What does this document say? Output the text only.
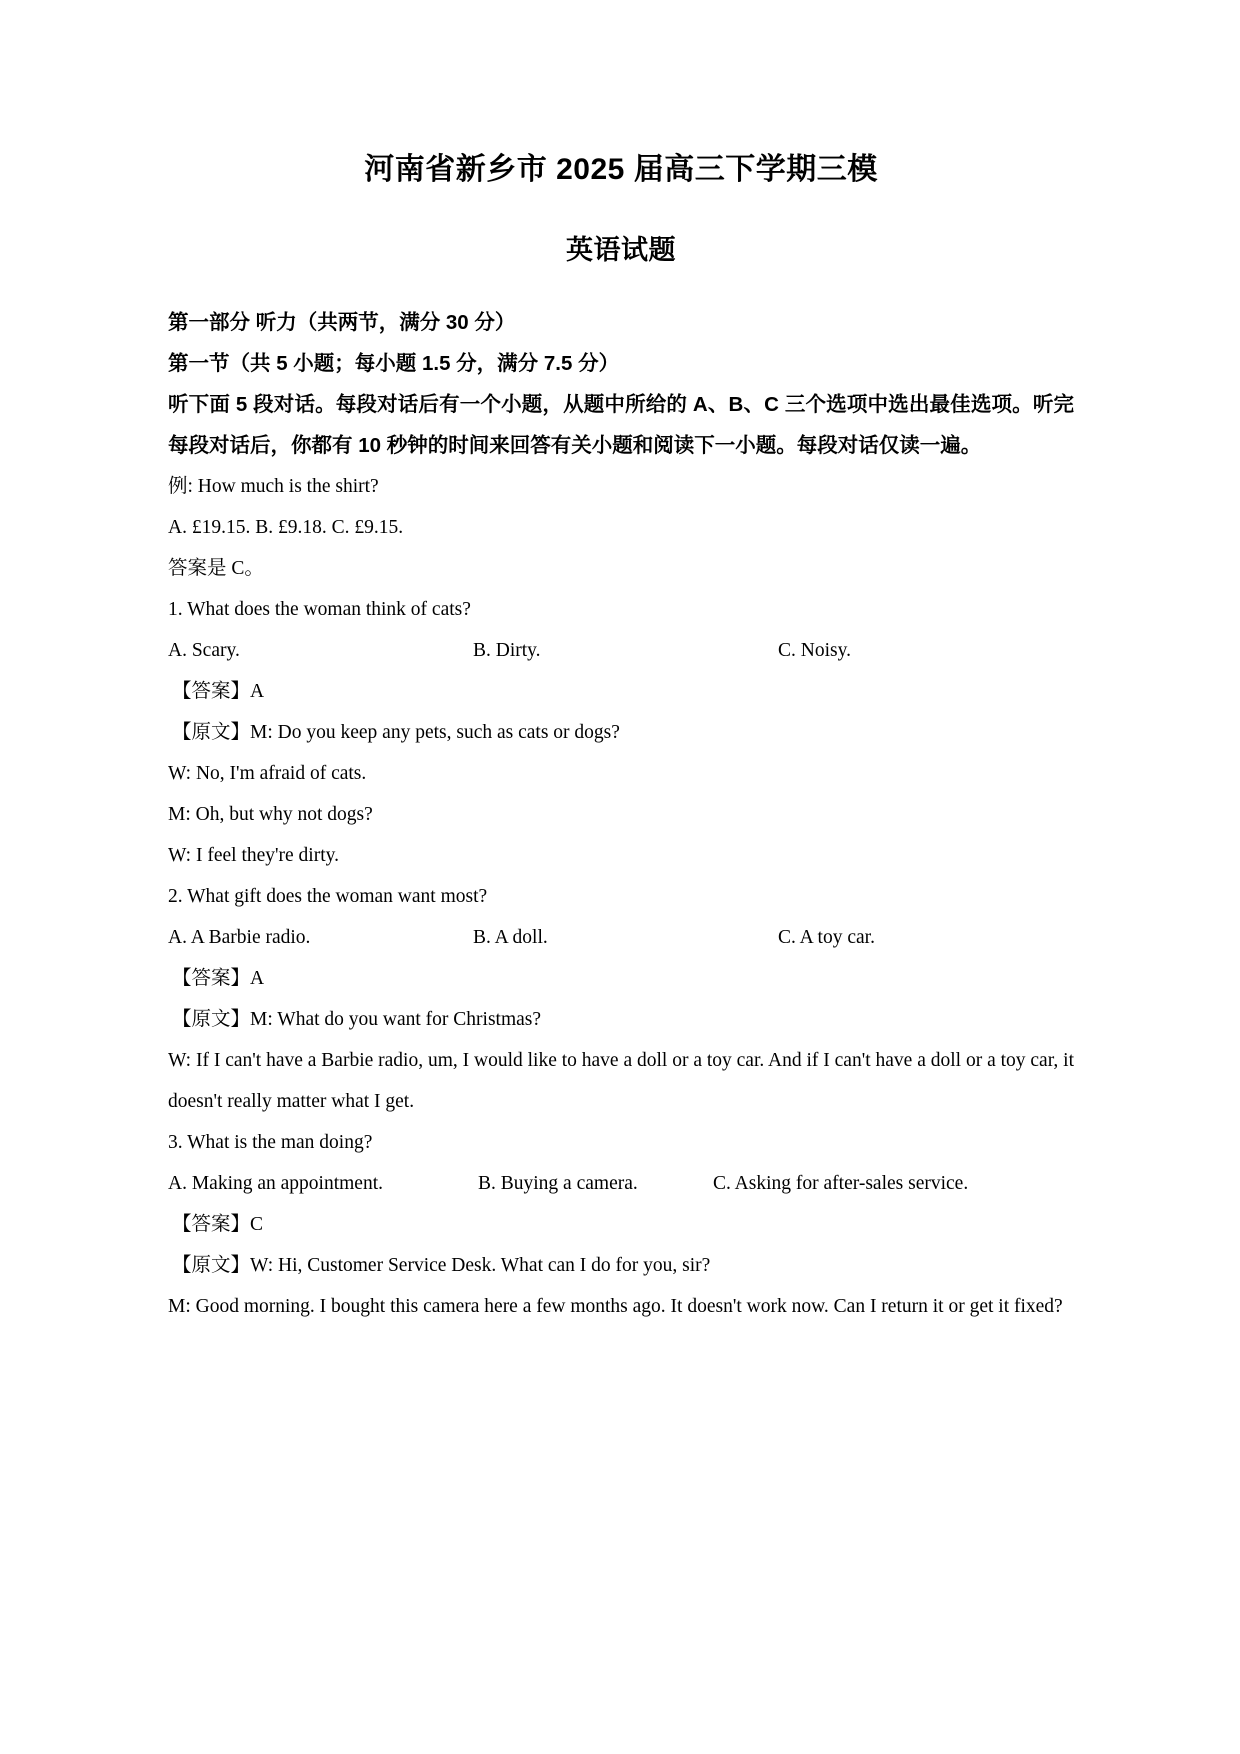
河南省新乡市 2025 届高三下学期三模
英语试题

第一部分 听力（共两节，满分 30 分）

第一节（共 5 小题；每小题 1.5 分，满分 7.5 分）

听下面 5 段对话。每段对话后有一个小题，从题中所给的 A、B、C 三个选项中选出最佳选项。听完每段对话后，你都有 10 秒钟的时间来回答有关小题和阅读下一小题。每段对话仅读一遍。

例: How much is the shirt?

A. £19.15. B. £9.18. C. £9.15.

答案是 C。

1. What does the woman think of cats?

A. Scary.	B. Dirty.	C. Noisy.

【答案】A

【原文】M: Do you keep any pets, such as cats or dogs?

W: No, I'm afraid of cats.

M: Oh, but why not dogs?

W: I feel they're dirty.

2. What gift does the woman want most?

A. A Barbie radio.	B. A doll.	C. A toy car.

【答案】A

【原文】M: What do you want for Christmas?

W: If I can't have a Barbie radio, um, I would like to have a doll or a toy car. And if I can't have a doll or a toy car, it doesn't really matter what I get.

3. What is the man doing?

A. Making an appointment.	B. Buying a camera.	C. Asking for after-sales service.

【答案】C

【原文】W: Hi, Customer Service Desk. What can I do for you, sir?

M: Good morning. I bought this camera here a few months ago. It doesn't work now. Can I return it or get it fixed?
